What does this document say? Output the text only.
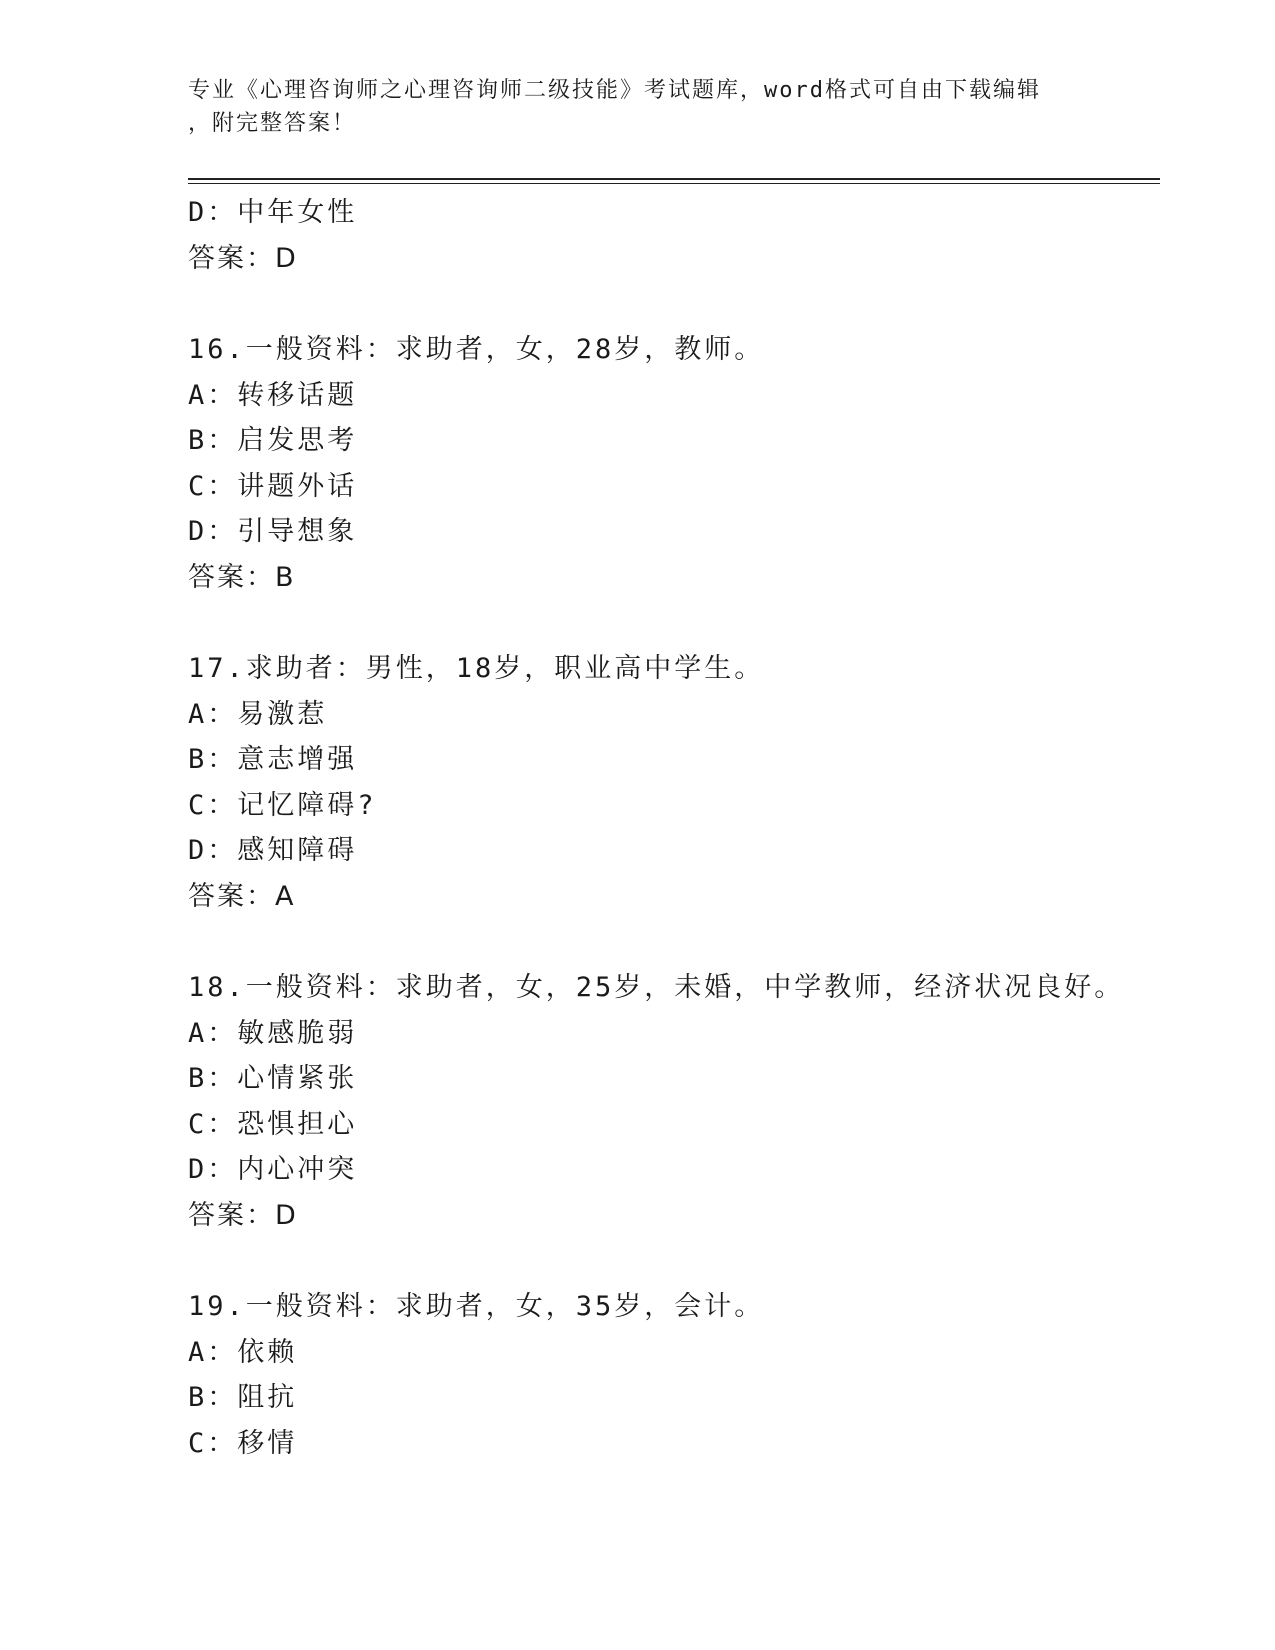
专业《心理咨询师之心理咨询师二级技能》考试题库，word格式可自由下载编辑
，附完整答案！
D：中年女性
答案：D
16.一般资料：求助者，女，28岁，教师。
A：转移话题
B：启发思考
C：讲题外话
D：引导想象
答案：B
17.求助者：男性，18岁，职业高中学生。
A：易激惹
B：意志增强
C：记忆障碍?
D：感知障碍
答案：A
18.一般资料：求助者，女，25岁，未婚，中学教师，经济状况良好。
A：敏感脆弱
B：心情紧张
C：恐惧担心
D：内心冲突
答案：D
19.一般资料：求助者，女，35岁，会计。
A：依赖
B：阻抗
C：移情
